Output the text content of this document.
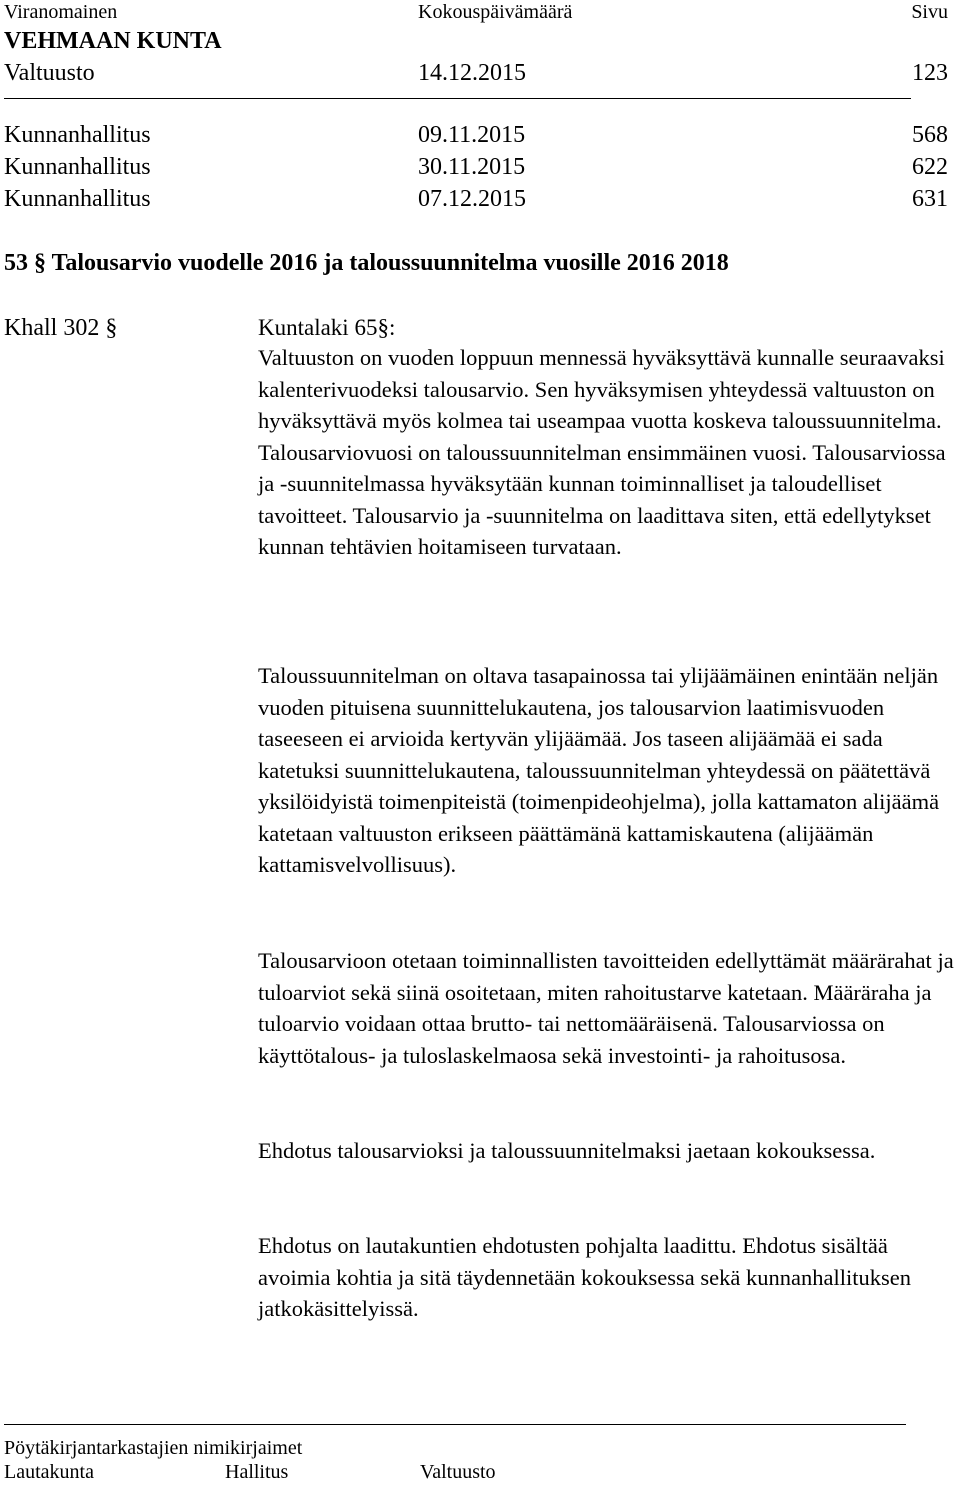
Viranomainen	Kokouspäivämäärä	Sivu
VEHMAAN KUNTA
Valtuusto	14.12.2015	123
Kunnanhallitus	09.11.2015	568
Kunnanhallitus	30.11.2015	622
Kunnanhallitus	07.12.2015	631
53 § Talousarvio vuodelle 2016 ja taloussuunnitelma vuosille 2016 2018
Khall 302 §	Kuntalaki 65§:
Valtuuston on vuoden loppuun mennessä hyväksyttävä kunnalle seuraavaksi kalenterivuodeksi talousarvio. Sen hyväksymisen yhteydessä valtuuston on hyväksyttävä myös kolmea tai useampaa vuotta koskeva taloussuunnitelma. Talousarviovuosi on taloussuunnitelman ensimmäinen vuosi. Talousarviossa ja -suunnitelmassa hyväksytään kunnan toiminnalliset ja taloudelliset tavoitteet. Talousarvio ja -suunnitelma on laadittava siten, että edellytykset kunnan tehtävien hoitamiseen turvataan.
Taloussuunnitelman on oltava tasapainossa tai ylijäämäinen enintään neljän vuoden pituisena suunnittelukautena, jos talousarvion laatimisvuoden taseeseen ei arvioida kertyvän ylijäämää. Jos taseen alijäämää ei sada katetuksi suunnittelukautena, taloussuunnitelman yhteydessä on päätettävä yksilöidyistä toimenpiteistä (toimenpideohjelma), jolla kattamaton alijäämä katetaan valtuuston erikseen päättämänä kattamiskautena (alijäämän kattamisvelvollisuus).
Talousarvioon otetaan toiminnallisten tavoitteiden edellyttämät määrärahat ja tuloarviot sekä siinä osoitetaan, miten rahoitustarve katetaan. Määräraha ja tuloarvio voidaan ottaa brutto- tai nettomääräisenä. Talousarviossa on käyttötalous- ja tuloslaskelmaosa sekä investointi- ja rahoitusosa.
Ehdotus talousarvioksi ja taloussuunnitelmaksi jaetaan kokouksessa.
Ehdotus on lautakuntien ehdotusten pohjalta laadittu. Ehdotus sisältää avoimia kohtia ja sitä täydennetään kokouksessa sekä kunnanhallituksen jatkokäsittelyissä.
Pöytäkirjantarkastajien nimikirjaimet
Lautakunta	Hallitus	Valtuusto
